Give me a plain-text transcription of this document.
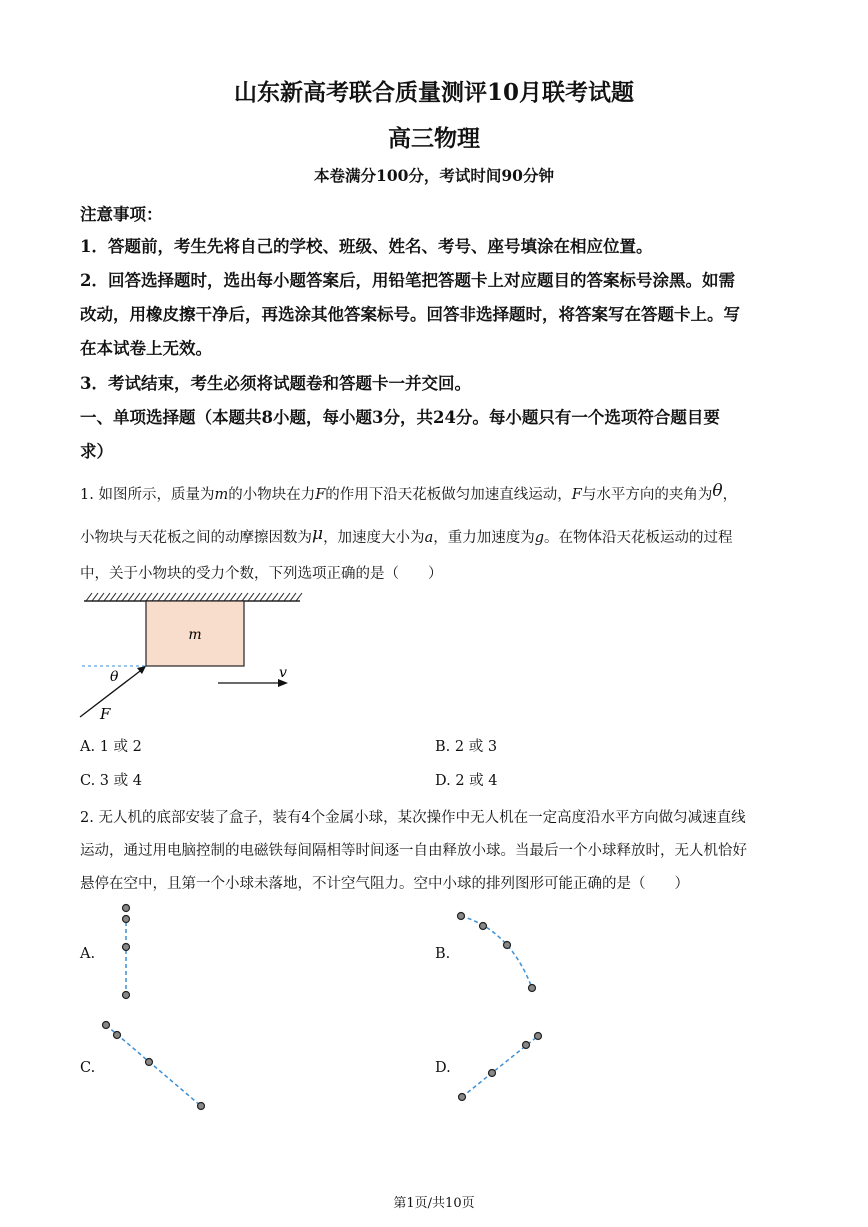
山东新高考联合质量测评10月联考试题
高三物理
本卷满分100分，考试时间90分钟
注意事项：
1．答题前，考生先将自己的学校、班级、姓名、考号、座号填涂在相应位置。
2．回答选择题时，选出每小题答案后，用铅笔把答题卡上对应题目的答案标号涂黑。如需
改动，用橡皮擦干净后，再选涂其他答案标号。回答非选择题时，将答案写在答题卡上。写
在本试卷上无效。
3．考试结束，考生必须将试题卷和答题卡一并交回。
一、单项选择题（本题共8小题，每小题3分，共24分。每小题只有一个选项符合题目要
求）
1. 如图所示，质量为m的小物块在力F的作用下沿天花板做匀加速直线运动，F与水平方向的夹角为θ，
小物块与天花板之间的动摩擦因数为μ，加速度大小为a，重力加速度为g。在物体沿天花板运动的过程
中，关于小物块的受力个数，下列选项正确的是（　　）
m
θ
F
v
A. 1 或 2	B. 2 或 3
C. 3 或 4	D. 2 或 4
2. 无人机的底部安装了盒子，装有4个金属小球，某次操作中无人机在一定高度沿水平方向做匀减速直线
运动，通过用电脑控制的电磁铁每间隔相等时间逐一自由释放小球。当最后一个小球释放时，无人机恰好
悬停在空中，且第一个小球未落地，不计空气阻力。空中小球的排列图形可能正确的是（　　）
A.	B.
C.	D.
第1页/共10页
